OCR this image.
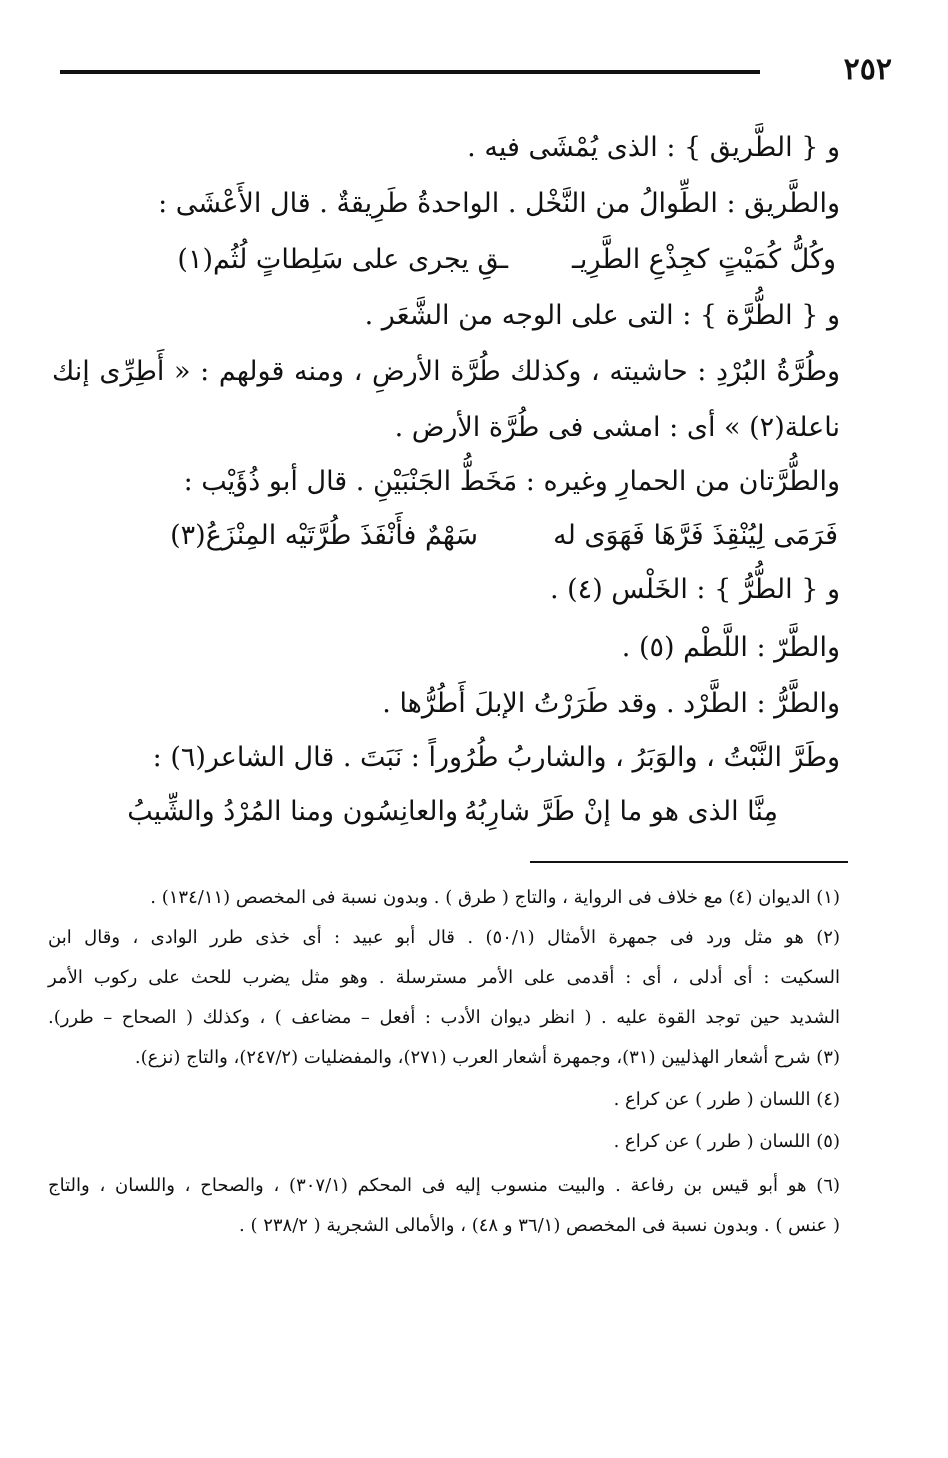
٢٥٢
و { الطَّريق } : الذى يُمْشَى فيه .
والطَّريق : الطِّوالُ من النَّخْل . الواحدةُ طَرِيقةٌ . قال الأَعْشَى :
وكُلُّ كُمَيْتٍ كجِذْعِ الطَّرِيـ
ـقِ يجرى على سَلِطاتٍ لُثُم(١)
و { الطُّرَّة } : التى على الوجه من الشَّعَر .
وطُرَّةُ البُرْدِ : حاشيته ، وكذلك طُرَّة الأرضِ ، ومنه قولهم : « أَطِرِّى إنك
ناعلة(٢) » أى : امشى فى طُرَّة الأرض .
والطُّرَّتان من الحمارِ وغيره : مَخَطُّ الجَنْبَيْنِ . قال أبو ذُؤَيْب :
فَرَمَى لِيُنْقِذَ فَرَّهَا فَهَوَى له
سَهْمٌ فأَنْفَذَ طُرَّتَيْه المِنْزَعُ(٣)
و { الطُّرُّ } : الخَلْس (٤) .
والطَّرّ : اللَّطْم (٥) .
والطَّرُّ : الطَّرْد . وقد طَرَرْتُ الإبلَ أَطُرُّها .
وطَرَّ النَّبْتُ ، والوَبَرُ ، والشاربُ طُرُوراً : نَبَتَ . قال الشاعر(٦) :
مِنَّا الذى هو ما إنْ طَرَّ شارِبُهُ
والعانِسُون ومنا المُرْدُ والشِّيبُ
(١) الديوان (٤) مع خلاف فى الرواية ، والتاج ( طرق ) . وبدون نسبة فى المخصص (١٣٤/١١) .
(٢) هو مثل ورد فى جمهرة الأمثال (٥٠/١) . قال أبو عبيد : أى خذى طرر الوادى ، وقال ابن
السكيت : أى أدلى ، أى : أقدمى على الأمر مسترسلة . وهو مثل يضرب للحث على ركوب الأمر
الشديد حين توجد القوة عليه . ( انظر ديوان الأدب : أفعل – مضاعف ) ، وكذلك ( الصحاح – طرر).
(٣) شرح أشعار الهذليين (٣١)، وجمهرة أشعار العرب (٢٧١)، والمفضليات (٢٤٧/٢)، والتاج (نزع).
(٤) اللسان ( طرر ) عن كراع .
(٥) اللسان ( طرر ) عن كراع .
(٦) هو أبو قيس بن رفاعة . والبيت منسوب إليه فى المحكم (٣٠٧/١) ، والصحاح ، واللسان ، والتاج
( عنس ) . وبدون نسبة فى المخصص (٣٦/١ و ٤٨) ، والأمالى الشجرية ( ٢٣٨/٢ ) .
